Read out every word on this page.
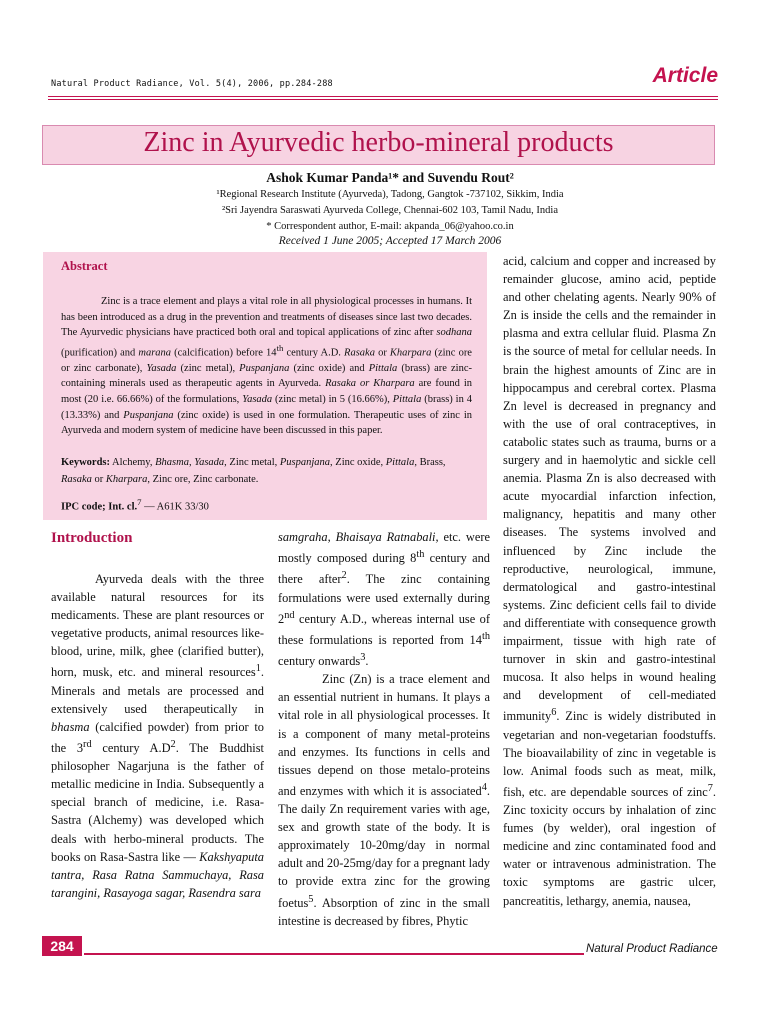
Natural Product Radiance, Vol. 5(4), 2006, pp.284-288	Article
Zinc in Ayurvedic herbo-mineral products
Ashok Kumar Panda¹* and Suvendu Rout²
¹Regional Research Institute (Ayurveda), Tadong, Gangtok -737102, Sikkim, India
²Sri Jayendra Saraswati Ayurveda College, Chennai-602 103, Tamil Nadu, India
* Correspondent author, E-mail: akpanda_06@yahoo.co.in
Received 1 June 2005; Accepted 17 March 2006
Abstract

Zinc is a trace element and plays a vital role in all physiological processes in humans. It has been introduced as a drug in the prevention and treatments of diseases since last two decades. The Ayurvedic physicians have practiced both oral and topical applications of zinc after sodhana (purification) and marana (calcification) before 14th century A.D. Rasaka or Kharpara (zinc ore or zinc carbonate), Yasada (zinc metal), Puspanjana (zinc oxide) and Pittala (brass) are zinc-containing minerals used as therapeutic agents in Ayurveda. Rasaka or Kharpara are found in most (20 i.e. 66.66%) of the formulations, Yasada (zinc metal) in 5 (16.66%), Pittala (brass) in 4 (13.33%) and Puspanjana (zinc oxide) is used in one formulation. Therapeutic uses of zinc in Ayurveda and modern system of medicine have been discussed in this paper.

Keywords: Alchemy, Bhasma, Yasada, Zinc metal, Puspanjana, Zinc oxide, Pittala, Brass, Rasaka or Kharpara, Zinc ore, Zinc carbonate.
IPC code; Int. cl.$^7$ — A61K 33/30
Introduction

Ayurveda deals with the three available natural resources for its medicaments. These are plant resources or vegetative products, animal resources like-blood, urine, milk, ghee (clarified butter), horn, musk, etc. and mineral resources$^1$. Minerals and metals are processed and extensively used therapeutically in bhasma (calcified powder) from prior to the 3rd century $A.D^2$. The Buddhist philosopher Nagarjuna is the father of metallic medicine in India. Subsequently a special branch of medicine, i.e. Rasa-Sastra (Alchemy) was developed which deals with herbo-mineral products. The books on Rasa-Sastra like — Kakshyaputa tantra, Rasa Ratna Sammuchaya, Rasa tarangini, Rasayoga sagar, Rasendra sara

samgraha, Bhaisaya Ratnabali, etc. were mostly composed during 8th century and there after$^2$. The zinc containing formulations were used externally during 2nd century A.D., whereas internal use of these formulations is reported from 14th century onwards$^3$.

Zinc (Zn) is a trace element and an essential nutrient in humans. It plays a vital role in all physiological processes. It is a component of many metal-proteins and enzymes. Its functions in cells and tissues depend on those metalo-proteins and enzymes with which it is associated$^4$. The daily Zn requirement varies with age, sex and growth state of the body. It is approximately 10-20mg/day in normal adult and 20-25mg/day for a pregnant lady to provide extra zinc for the growing foetus$^5$. Absorption of zinc in the small intestine is decreased by fibres, Phytic

acid, calcium and copper and increased by remainder glucose, amino acid, peptide and other chelating agents. Nearly 90% of Zn is inside the cells and the remainder in plasma and extra cellular fluid. Plasma Zn is the source of metal for cellular needs. In brain the highest amounts of Zinc are in hippocampus and cerebral cortex. Plasma Zn level is decreased in pregnancy and with the use of oral contraceptives, in catabolic states such as trauma, burns or a surgery and in haemolytic and sickle cell anemia. Plasma Zn is also decreased with acute myocardial infarction infection, malignancy, hepatitis and many other diseases. The systems involved and influenced by Zinc include the reproductive, neurological, immune, dermatological and gastro-intestinal systems. Zinc deficient cells fail to divide and differentiate with consequence growth impairment, tissue with high rate of turnover in skin and gastro-intestinal mucosa. It also helps in wound healing and development of cell-mediated immunity$^6$. Zinc is widely distributed in vegetarian and non-vegetarian foodstuffs. The bioavailability of zinc in vegetable is low. Animal foods such as meat, milk, fish, etc. are dependable sources of zinc$^7$. Zinc toxicity occurs by inhalation of zinc fumes (by welder), oral ingestion of medicine and zinc contaminated food and water or intravenous administration. The toxic symptoms are gastric ulcer, pancreatitis, lethargy, anemia, nausea,

284	Natural Product Radiance
